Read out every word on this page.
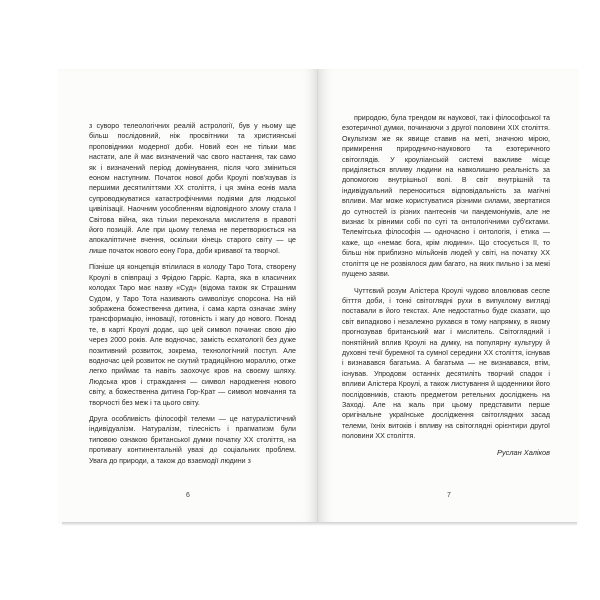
з суворо телеологічних реалій астрології, був у ньому ще більш послідовний, ніж просвітники та християнські проповідники модерної доби. Новий еон не тільки має настати, але й має визначений час свого настання, так само як і визначений період домінування, після чого зміниться еоном наступним. Початок нової доби Кроулі пов'язував із першими десятиліттями XX століття, і ця зміна еонів мала супроводжуватися катастрофічними подіями для людської цивілізації. Наочним уособленням відповідного злому стала І Світова війна, яка тільки переконала мислителя в правоті його позицій. Але при цьому телема не перетворюється на апокаліптичне вчення, оскільки кінець старого світу — це лише початок нового еону Гора, доби кривавої та творчої.

Пізніше ця концепція втілилася в колоду Таро Тота, створену Кроулі в співпраці з Фрідою Гарріс. Карта, яка в класичних колодах Таро має назву «Суд» (відома також як Страшним Судом, у Таро Тота називають символізує спорсона. На ній зображена божественна дитина, і сама карта означає зміну трансформацію, інновації, готовність і жагу до нового. Понад те, в карті Кроулі додає, що цей символ починає свою дію через 2000 років. Але водночас, замість есхатології без дуже позитивний розвиток, зокрема, технологічний поступ. Але водночас цей розвиток не скутий традиційною мораллю, отже легко приймає та навіть заохочує кров на своєму шляху. Людська кров і страждання — символ народження нового світу, а божественна дитина Гор-Крат — символ мовчання та творчості без меж і та цього світу.

Друга особливість філософії телеми — це натуралістичний індивідуалізм. Натуралізм, тілесність і прагматизм були типовою ознакою британської думки початку XX століття, на противагу континентальній увазі до соціальних проблем. Увага до природи, а також до взаємодії людини з

6

природою, була трендом як наукової, так і філософської та езотеричної думки, починаючи з другої половини XIX століття. Окультизм же як явище ставив на меті, значною мірою, примирення природничо-наукового та езотеричного світоглядів. У кроуліанській системі важливе місце приділяється впливу людини на навколишню реальність за допомогою внутрішньої волі. В світ внутрішній та індивідуальний переноситься відповідальність за магічні впливи. Маг може користуватися різними силами, звертатися до сутностей із різних пантеонів чи пандемоніумів, але не визнає їх рівними собі по суті та онтологічними суб'єктами. Телемітська філософія — одночасно і онтологія, і етика — каже, що «немає бога, крім людини». Що стосується її, то більш ніж приблизно мільйонів людей у світі, на початку XX століття це не розвіялося дим багато, на яких пильно і за межі пущено заяви.

Чуттєвий розум Алістера Кроулі чудово вловлював сеспе бітття доби, і тонкі світоглядні рухи в випуклому вигляді поставали в його текстах. Але недостатньо буде сказати, що світ випадково і незалежно рухався в тому напрямку, в якому прогнозував британський маг і мислитель. Світоглядний і понятійний вплив Кроулі на думку, на популярну культуру й духовні течії буремної та сумної середини XX століття, існував і визнавався багатьма. А багатьма — не визнавався, втім, існував. Упродовж останніх десятиліть творчий спадок і впливи Алістера Кроулі, а також листування й щоденники його послідовників, стають предметом ретельних досліджень на Заході. Але на жаль при цьому представити перше оригінальне українське дослідження світоглядних засад телеми, їхніх витоків і впливу на світоглядні орієнтири другої половини XX століття.

Руслан Халіков
7
